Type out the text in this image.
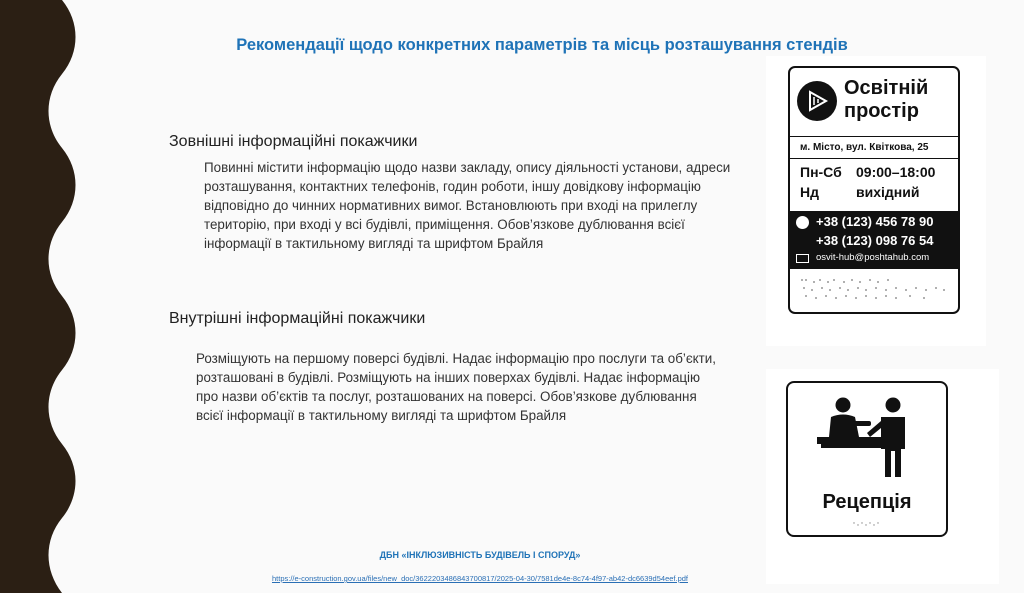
Рекомендації щодо конкретних параметрів та місць розташування стендів
Зовнішні інформаційні покажчики
Повинні містити інформацію щодо назви закладу, опису діяльності установи, адреси розташування, контактних телефонів, годин роботи, іншу довідкову інформацію відповідно до чинних нормативних вимог. Встановлюють при вході на прилеглу територію, при вході у всі будівлі, приміщення. Обов’язкове дублювання всієї інформації в тактильному вигляді та шрифтом Брайля
Внутрішні інформаційні покажчики
Розміщують на першому поверсі будівлі. Надає інформацію про послуги та об’єкти, розташовані в будівлі. Розміщують на інших поверхах будівлі. Надає інформацію про назви об’єктів та послуг, розташованих на поверсі. Обов’язкове дублювання всієї інформації в тактильному вигляді та шрифтом Брайля
Освітній
простір
м. Місто, вул. Квіткова, 25
Пн-Сб 09:00–18:00
Нд	вихідний
+38 (123) 456 78 90
+38 (123) 098 76 54
osvit-hub@poshtahub.com
Рецепція
ДБН «ІНКЛЮЗИВНІСТЬ БУДІВЕЛЬ І СПОРУД»
https://e-construction.gov.ua/files/new_doc/3622203486843700817/2025-04-30/7581de4e-8c74-4f97-ab42-dc6639d54eef.pdf
